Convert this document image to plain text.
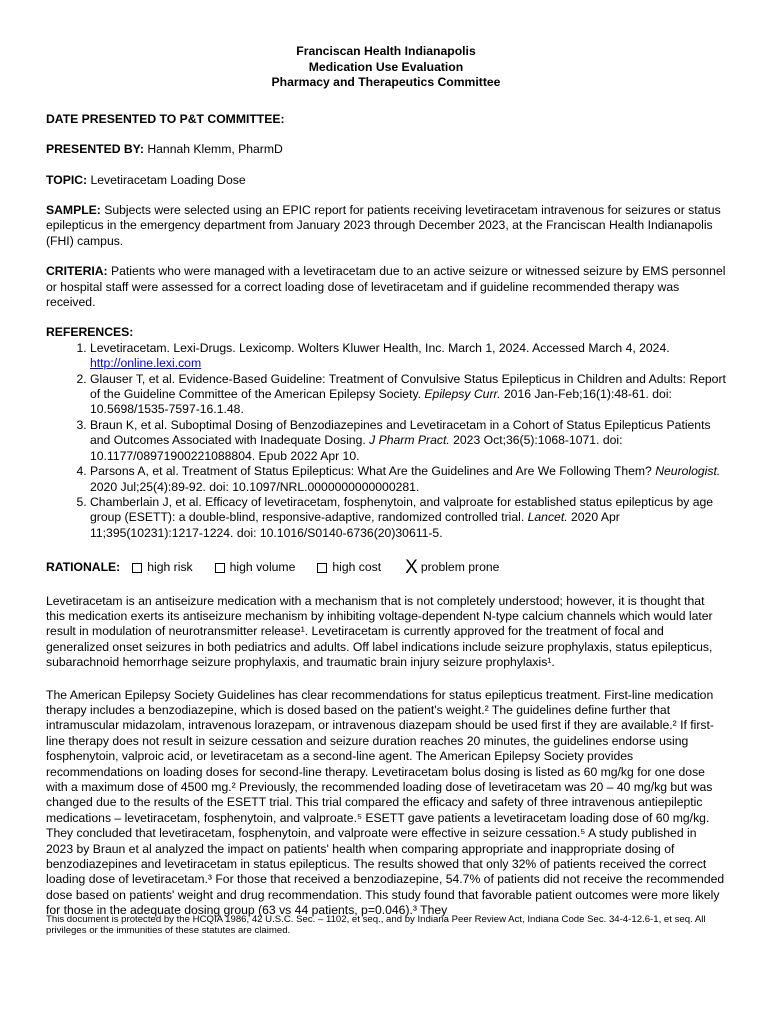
Franciscan Health Indianapolis
Medication Use Evaluation
Pharmacy and Therapeutics Committee
DATE PRESENTED TO P&T COMMITTEE:
PRESENTED BY: Hannah Klemm, PharmD
TOPIC: Levetiracetam Loading Dose
SAMPLE: Subjects were selected using an EPIC report for patients receiving levetiracetam intravenous for seizures or status epilepticus in the emergency department from January 2023 through December 2023, at the Franciscan Health Indianapolis (FHI) campus.
CRITERIA: Patients who were managed with a levetiracetam due to an active seizure or witnessed seizure by EMS personnel or hospital staff were assessed for a correct loading dose of levetiracetam and if guideline recommended therapy was received.
REFERENCES:
1. Levetiracetam. Lexi-Drugs. Lexicomp. Wolters Kluwer Health, Inc. March 1, 2024. Accessed March 4, 2024. http://online.lexi.com
2. Glauser T, et al. Evidence-Based Guideline: Treatment of Convulsive Status Epilepticus in Children and Adults: Report of the Guideline Committee of the American Epilepsy Society. Epilepsy Curr. 2016 Jan-Feb;16(1):48-61. doi: 10.5698/1535-7597-16.1.48.
3. Braun K, et al. Suboptimal Dosing of Benzodiazepines and Levetiracetam in a Cohort of Status Epilepticus Patients and Outcomes Associated with Inadequate Dosing. J Pharm Pract. 2023 Oct;36(5):1068-1071. doi: 10.1177/08971900221088804. Epub 2022 Apr 10.
4. Parsons A, et al. Treatment of Status Epilepticus: What Are the Guidelines and Are We Following Them? Neurologist. 2020 Jul;25(4):89-92. doi: 10.1097/NRL.0000000000000281.
5. Chamberlain J, et al. Efficacy of levetiracetam, fosphenytoin, and valproate for established status epilepticus by age group (ESETT): a double-blind, responsive-adaptive, randomized controlled trial. Lancet. 2020 Apr 11;395(10231):1217-1224. doi: 10.1016/S0140-6736(20)30611-5.
RATIONALE: high risk	high volume	high cost X problem prone
Levetiracetam is an antiseizure medication with a mechanism that is not completely understood; however, it is thought that this medication exerts its antiseizure mechanism by inhibiting voltage-dependent N-type calcium channels which would later result in modulation of neurotransmitter release¹. Levetiracetam is currently approved for the treatment of focal and generalized onset seizures in both pediatrics and adults. Off label indications include seizure prophylaxis, status epilepticus, subarachnoid hemorrhage seizure prophylaxis, and traumatic brain injury seizure prophylaxis¹.
The American Epilepsy Society Guidelines has clear recommendations for status epilepticus treatment. First-line medication therapy includes a benzodiazepine, which is dosed based on the patient's weight.² The guidelines define further that intramuscular midazolam, intravenous lorazepam, or intravenous diazepam should be used first if they are available.² If first-line therapy does not result in seizure cessation and seizure duration reaches 20 minutes, the guidelines endorse using fosphenytoin, valproic acid, or levetiracetam as a second-line agent. The American Epilepsy Society provides recommendations on loading doses for second-line therapy. Levetiracetam bolus dosing is listed as 60 mg/kg for one dose with a maximum dose of 4500 mg.² Previously, the recommended loading dose of levetiracetam was 20 – 40 mg/kg but was changed due to the results of the ESETT trial. This trial compared the efficacy and safety of three intravenous antiepileptic medications – levetiracetam, fosphenytoin, and valproate.⁵ ESETT gave patients a levetiracetam loading dose of 60 mg/kg. They concluded that levetiracetam, fosphenytoin, and valproate were effective in seizure cessation.⁵ A study published in 2023 by Braun et al analyzed the impact on patients' health when comparing appropriate and inappropriate dosing of benzodiazepines and levetiracetam in status epilepticus. The results showed that only 32% of patients received the correct loading dose of levetiracetam.³ For those that received a benzodiazepine, 54.7% of patients did not receive the recommended dose based on patients' weight and drug recommendation. This study found that favorable patient outcomes were more likely for those in the adequate dosing group (63 vs 44 patients, p=0.046).³ They
This document is protected by the HCQIA 1986, 42 U.S.C. Sec. – 1102, et seq., and by Indiana Peer Review Act, Indiana Code Sec. 34-4-12.6-1, et seq. All privileges or the immunities of these statutes are claimed.
